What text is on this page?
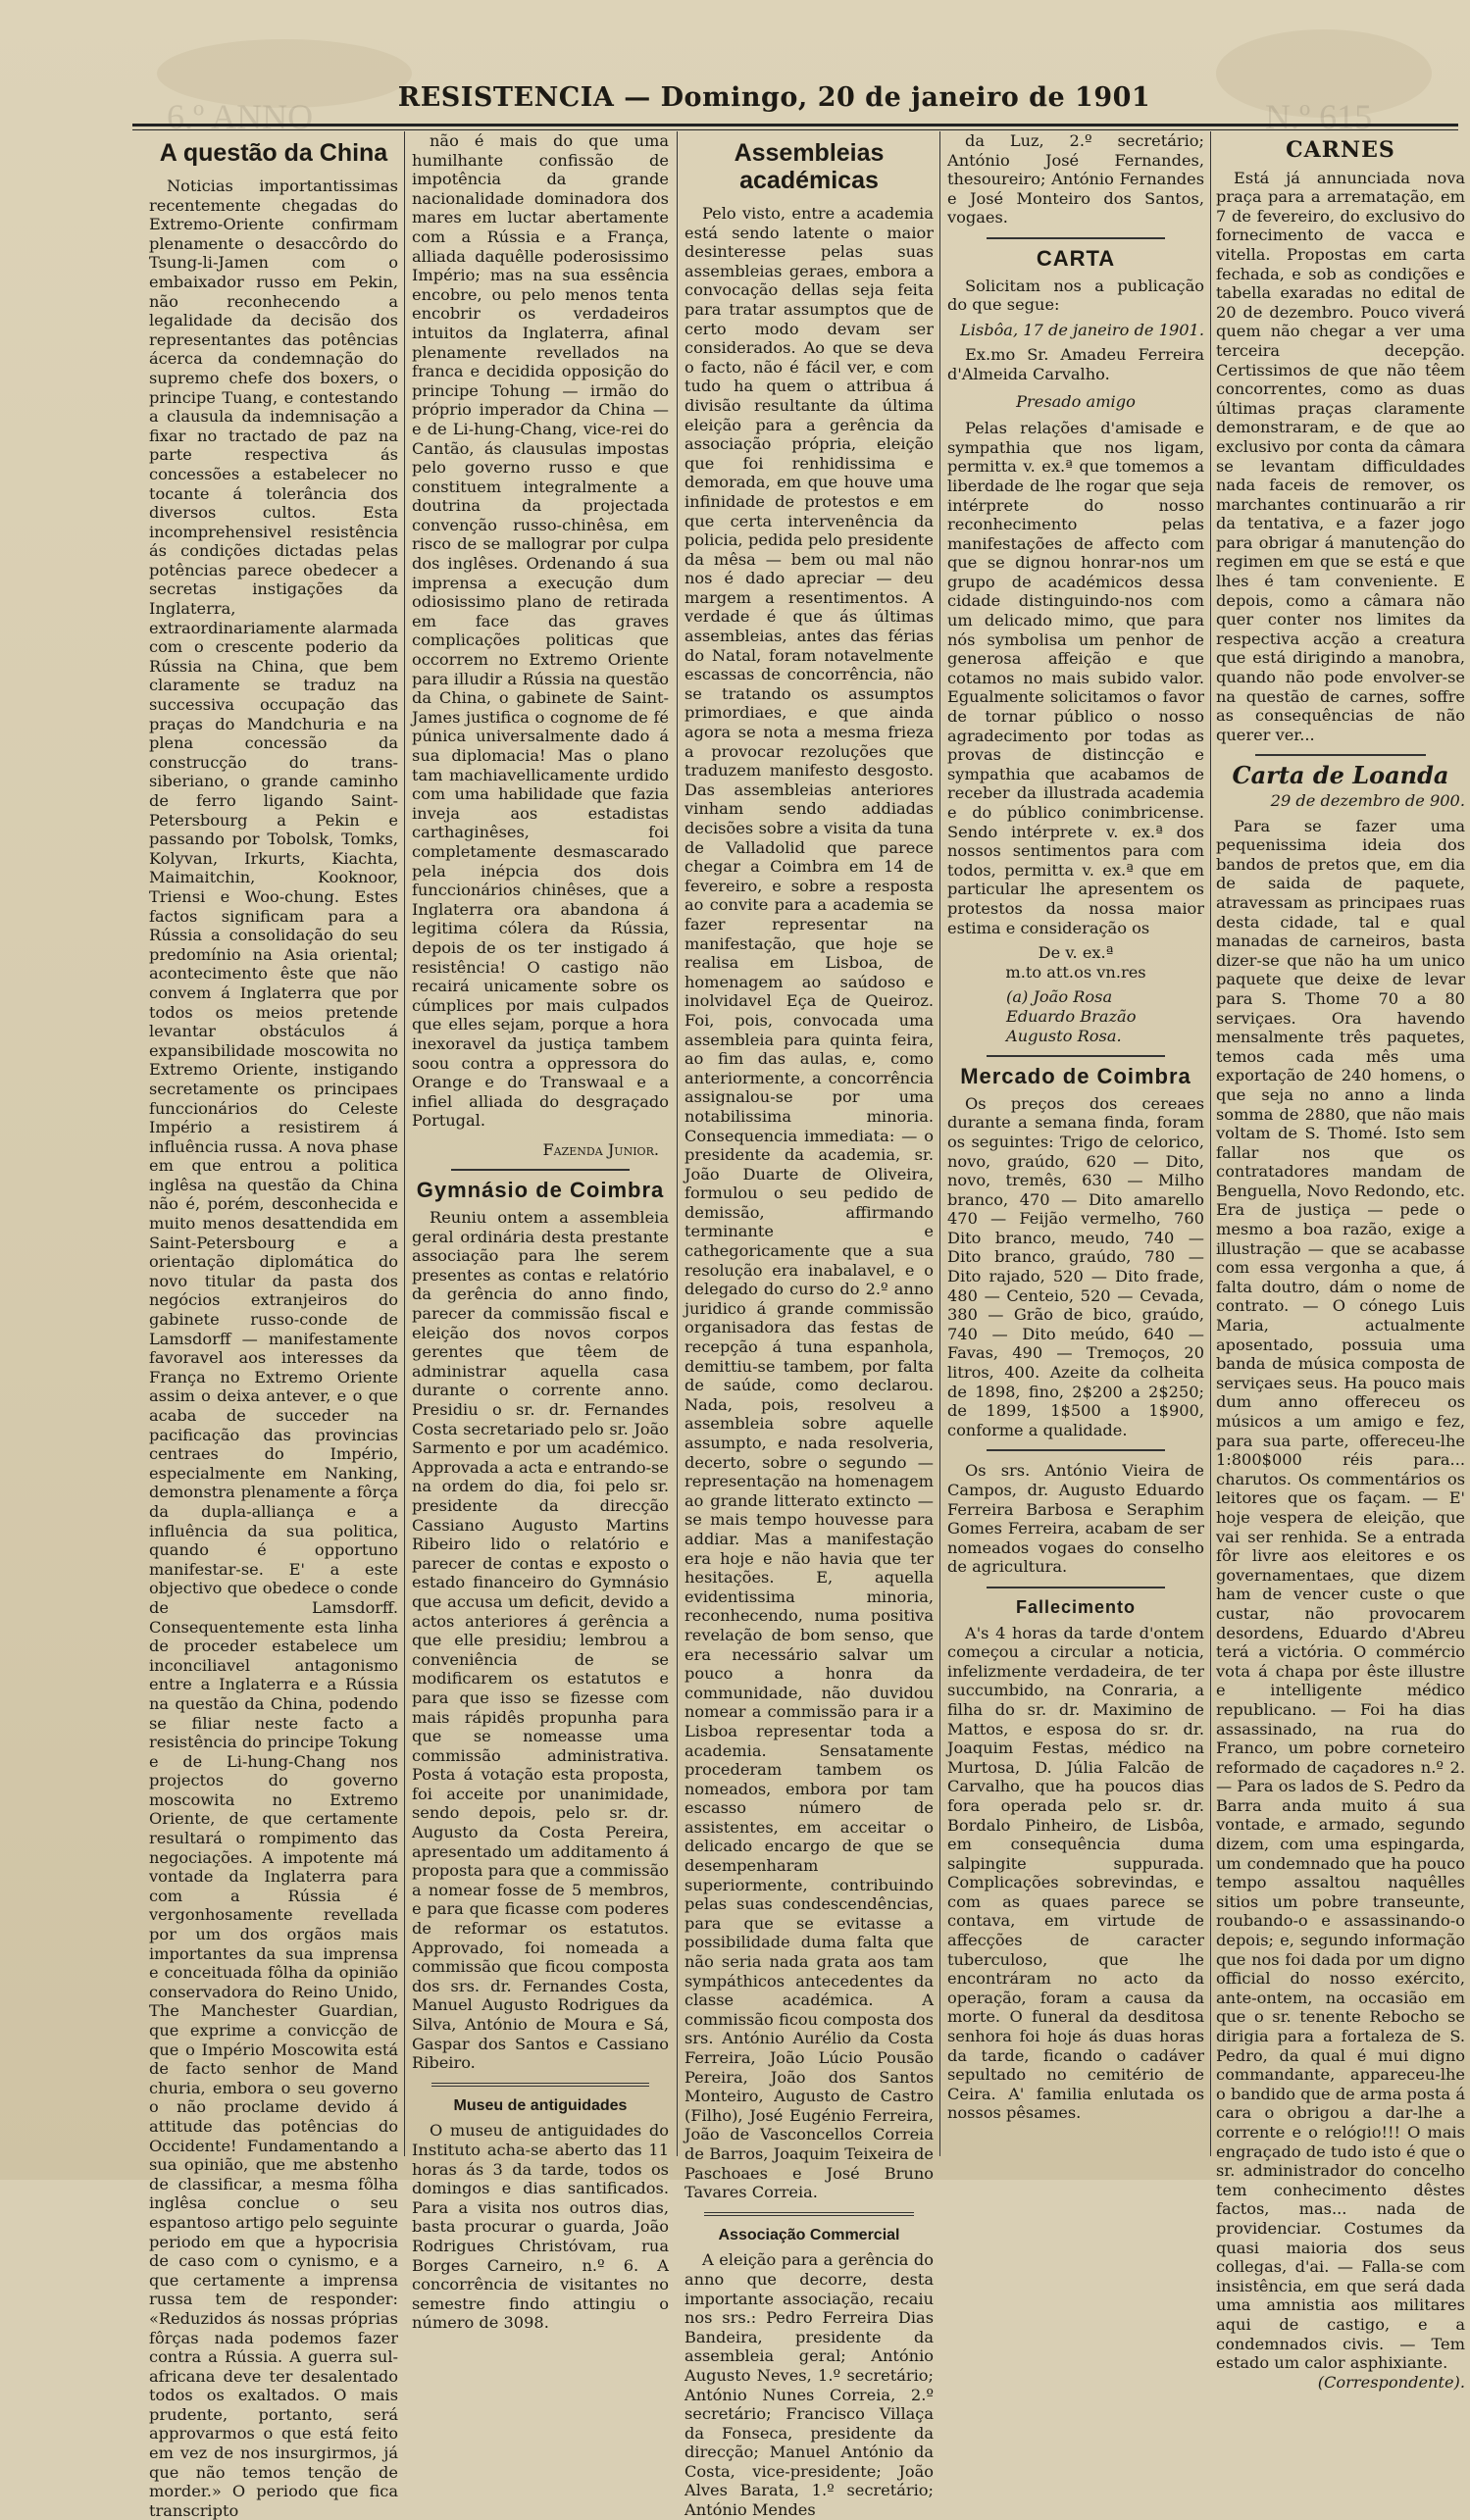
6.º ANNO	N.º 615
RESISTENCIA — Domingo, 20 de janeiro de 1901
A questão da China

Noticias importantissimas recentemente chegadas do Extremo-Oriente confirmam plenamente o desaccôrdo do Tsung-li-Jamen com o embaixador russo em Pekin, não reconhecendo a legalidade da decisão dos representantes das potências ácerca da condemnação do supremo chefe dos boxers, o principe Tuang, e contestando a clausula da indemnisação a fixar no tractado de paz na parte respectiva ás concessões a estabelecer no tocante á tolerância dos diversos cultos. Esta incomprehensivel resistência ás condições dictadas pelas potências parece obedecer a secretas instigações da Inglaterra, extraordinariamente alarmada com o crescente poderio da Rússia na China, que bem claramente se traduz na successiva occupação das praças do Mandchuria e na plena concessão da construcção do trans-siberiano, o grande caminho de ferro ligando Saint-Petersbourg a Pekin e passando por Tobolsk, Tomks, Kolyvan, Irkurts, Kiachta, Maimaitchin, Kooknoor, Triensi e Woo-chung. Estes factos significam para a Rússia a consolidação do seu predomínio na Asia oriental; acontecimento êste que não convem á Inglaterra que por todos os meios pretende levantar obstáculos á expansibilidade moscowita no Extremo Oriente, instigando secretamente os principaes funccionários do Celeste Império a resistirem á influência russa. A nova phase em que entrou a politica inglêsa na questão da China não é, porém, desconhecida e muito menos desattendida em Saint-Petersbourg e a orientação diplomática do novo titular da pasta dos negócios extranjeiros do gabinete russo-conde de Lamsdorff — manifestamente favoravel aos interesses da França no Extremo Oriente assim o deixa antever, e o que acaba de succeder na pacificação das provincias centraes do Império, especialmente em Nanking, demonstra plenamente a fôrça da dupla-alliança e a influência da sua politica, quando é opportuno manifestar-se. E' a este objectivo que obedece o conde de Lamsdorff. Consequentemente esta linha de proceder estabelece um inconciliavel antagonismo entre a Inglaterra e a Rússia na questão da China, podendo se filiar neste facto a resistência do principe Tokung e de Li-hung-Chang nos projectos do governo moscowita no Extremo Oriente, de que certamente resultará o rompimento das negociações. A impotente má vontade da Inglaterra para com a Rússia é vergonhosamente revellada por um dos orgãos mais importantes da sua imprensa e conceituada fôlha da opinião conservadora do Reino Unido, The Manchester Guardian, que exprime a convicção de que o Império Moscowita está de facto senhor de Mand churia, embora o seu governo o não proclame devido á attitude das potências do Occidente! Fundamentando a sua opinião, que me abstenho de classificar, a mesma fôlha inglêsa conclue o seu espantoso artigo pelo seguinte periodo em que a hypocrisia de caso com o cynismo, e a que certamente a imprensa russa tem de responder: «Reduzidos ás nossas próprias fôrças nada podemos fazer contra a Rússia. A guerra sul-africana deve ter desalentado todos os exaltados. O mais prudente, portanto, será approvarmos o que está feito em vez de nos insurgirmos, já que não temos tenção de morder.» O periodo que fica transcripto

não é mais do que uma humilhante confissão de impotência da grande nacionalidade dominadora dos mares em luctar abertamente com a Rússia e a França, alliada daquêlle poderosissimo Império; mas na sua essência encobre, ou pelo menos tenta encobrir os verdadeiros intuitos da Inglaterra, afinal plenamente revellados na franca e decidida opposição do principe Tohung — irmão do próprio imperador da China — e de Li-hung-Chang, vice-rei do Cantão, ás clausulas impostas pelo governo russo e que constituem integralmente a doutrina da projectada convenção russo-chinêsa, em risco de se mallograr por culpa dos inglêses. Ordenando á sua imprensa a execução dum odiosissimo plano de retirada em face das graves complicações politicas que occorrem no Extremo Oriente para illudir a Rússia na questão da China, o gabinete de Saint-James justifica o cognome de fé púnica universalmente dado á sua diplomacia! Mas o plano tam machiavellicamente urdido com uma habilidade que fazia inveja aos estadistas carthaginêses, foi completamente desmascarado pela inépcia dos dois funccionários chinêses, que a Inglaterra ora abandona á legitima cólera da Rússia, depois de os ter instigado á resistência! O castigo não recairá unicamente sobre os cúmplices por mais culpados que elles sejam, porque a hora inexoravel da justiça tambem soou contra a oppressora do Orange e do Transwaal e a infiel alliada do desgraçado Portugal.

Fazenda Junior.

Gymnásio de Coimbra

Reuniu ontem a assembleia geral ordinária desta prestante associação para lhe serem presentes as contas e relatório da gerência do anno findo, parecer da commissão fiscal e eleição dos novos corpos gerentes que têem de administrar aquella casa durante o corrente anno. Presidiu o sr. dr. Fernandes Costa secretariado pelo sr. João Sarmento e por um académico. Approvada a acta e entrando-se na ordem do dia, foi pelo sr. presidente da direcção Cassiano Augusto Martins Ribeiro lido o relatório e parecer de contas e exposto o estado financeiro do Gymnásio que accusa um deficit, devido a actos anteriores á gerência a que elle presidiu; lembrou a conveniência de se modificarem os estatutos e para que isso se fizesse com mais rápidês propunha para que se nomeasse uma commissão administrativa. Posta á votação esta proposta, foi acceite por unanimidade, sendo depois, pelo sr. dr. Augusto da Costa Pereira, apresentado um additamento á proposta para que a commissão a nomear fosse de 5 membros, e para que ficasse com poderes de reformar os estatutos. Approvado, foi nomeada a commissão que ficou composta dos srs. dr. Fernandes Costa, Manuel Augusto Rodrigues da Silva, António de Moura e Sá, Gaspar dos Santos e Cassiano Ribeiro.

Museu de antiguidades

O museu de antiguidades do Instituto acha-se aberto das 11 horas ás 3 da tarde, todos os domingos e dias santificados. Para a visita nos outros dias, basta procurar o guarda, João Rodrigues Christóvam, rua Borges Carneiro, n.º 6. A concorrência de visitantes no semestre findo attingiu o número de 3098.

Assembleias académicas

Pelo visto, entre a academia está sendo latente o maior desinteresse pelas suas assembleias geraes, embora a convocação dellas seja feita para tratar assumptos que de certo modo devam ser considerados. Ao que se deva o facto, não é fácil ver, e com tudo ha quem o attribua á divisão resultante da última eleição para a gerência da associação própria, eleição que foi renhidissima e demorada, em que houve uma infinidade de protestos e em que certa intervenência da policia, pedida pelo presidente da mêsa — bem ou mal não nos é dado apreciar — deu margem a resentimentos. A verdade é que ás últimas assembleias, antes das férias do Natal, foram notavelmente escassas de concorrência, não se tratando os assumptos primordiaes, e que ainda agora se nota a mesma frieza a provocar rezoluções que traduzem manifesto desgosto. Das assembleias anteriores vinham sendo addiadas decisões sobre a visita da tuna de Valladolid que parece chegar a Coimbra em 14 de fevereiro, e sobre a resposta ao convite para a academia se fazer representar na manifestação, que hoje se realisa em Lisboa, de homenagem ao saúdoso e inolvidavel Eça de Queiroz. Foi, pois, convocada uma assembleia para quinta feira, ao fim das aulas, e, como anteriormente, a concorrência assignalou-se por uma notabilissima minoria. Consequencia immediata: — o presidente da academia, sr. João Duarte de Oliveira, formulou o seu pedido de demissão, affirmando terminante e cathegoricamente que a sua resolução era inabalavel, e o delegado do curso do 2.º anno juridico á grande commissão organisadora das festas de recepção á tuna espanhola, demittiu-se tambem, por falta de saúde, como declarou. Nada, pois, resolveu a assembleia sobre aquelle assumpto, e nada resolveria, decerto, sobre o segundo — representação na homenagem ao grande litterato extincto — se mais tempo houvesse para addiar. Mas a manifestação era hoje e não havia que ter hesitações. E, aquella evidentissima minoria, reconhecendo, numa positiva revelação de bom senso, que era necessário salvar um pouco a honra da communidade, não duvidou nomear a commissão para ir a Lisboa representar toda a academia. Sensatamente procederam tambem os nomeados, embora por tam escasso número de assistentes, em acceitar o delicado encargo de que se desempenharam superiormente, contribuindo pelas suas condescendências, para que se evitasse a possibilidade duma falta que não seria nada grata aos tam sympáthicos antecedentes da classe académica. A commissão ficou composta dos srs. António Aurélio da Costa Ferreira, João Lúcio Pousão Pereira, João dos Santos Monteiro, Augusto de Castro (Filho), José Eugénio Ferreira, João de Vasconcellos Correia de Barros, Joaquim Teixeira de Paschoaes e José Bruno Tavares Correia.

Associação Commercial

A eleição para a gerência do anno que decorre, desta importante associação, recaiu nos srs.: Pedro Ferreira Dias Bandeira, presidente da assembleia geral; António Augusto Neves, 1.º secretário; António Nunes Correia, 2.º secretário; Francisco Villaça da Fonseca, presidente da direcção; Manuel António da Costa, vice-presidente; João Alves Barata, 1.º secretário; António Mendes

da Luz, 2.º secretário; António José Fernandes, thesoureiro; António Fernandes e José Monteiro dos Santos, vogaes.

CARTA

Solicitam nos a publicação do que segue:

Lisbôa, 17 de janeiro de 1901.

Ex.mo Sr. Amadeu Ferreira d'Almeida Carvalho.

Presado amigo

Pelas relações d'amisade e sympathia que nos ligam, permitta v. ex.ª que tomemos a liberdade de lhe rogar que seja intérprete do nosso reconhecimento pelas manifestações de affecto com que se dignou honrar-nos um grupo de académicos dessa cidade distinguindo-nos com um delicado mimo, que para nós symbolisa um penhor de generosa affeição e que cotamos no mais subido valor. Egualmente solicitamos o favor de tornar público o nosso agradecimento por todas as provas de distincção e sympathia que acabamos de receber da illustrada academia e do público conimbricense. Sendo intérprete v. ex.ª dos nossos sentimentos para com todos, permitta v. ex.ª que em particular lhe apresentem os protestos da nossa maior estima e consideração os

De v. ex.ª

m.to att.os vn.res

(a) João Rosa
Eduardo Brazão
Augusto Rosa.

Mercado de Coimbra

Os preços dos cereaes durante a semana finda, foram os seguintes: Trigo de celorico, novo, graúdo, 620 — Dito, novo, tremês, 630 — Milho branco, 470 — Dito amarello 470 — Feijão vermelho, 760 Dito branco, meudo, 740 — Dito branco, graúdo, 780 — Dito rajado, 520 — Dito frade, 480 — Centeio, 520 — Cevada, 380 — Grão de bico, graúdo, 740 — Dito meúdo, 640 — Favas, 490 — Tremoços, 20 litros, 400. Azeite da colheita de 1898, fino, 2$200 a 2$250; de 1899, 1$500 a 1$900, conforme a qualidade.

Os srs. António Vieira de Campos, dr. Augusto Eduardo Ferreira Barbosa e Seraphim Gomes Ferreira, acabam de ser nomeados vogaes do conselho de agricultura.

Fallecimento

A's 4 horas da tarde d'ontem começou a circular a noticia, infelizmente verdadeira, de ter succumbido, na Conraria, a filha do sr. dr. Maximino de Mattos, e esposa do sr. dr. Joaquim Festas, médico na Murtosa, D. Júlia Falcão de Carvalho, que ha poucos dias fora operada pelo sr. dr. Bordalo Pinheiro, de Lisbôa, em consequência duma salpingite suppurada. Complicações sobrevindas, e com as quaes parece se contava, em virtude de affecções de caracter tuberculoso, que lhe encontráram no acto da operação, foram a causa da morte. O funeral da desditosa senhora foi hoje ás duas horas da tarde, ficando o cadáver sepultado no cemitério de Ceira. A' familia enlutada os nossos pêsames.

CARNES

Está já annunciada nova praça para a arrematação, em 7 de fevereiro, do exclusivo do fornecimento de vacca e vitella. Propostas em carta fechada, e sob as condições e tabella exaradas no edital de 20 de dezembro. Pouco viverá quem não chegar a ver uma terceira decepção. Certissimos de que não têem concorrentes, como as duas últimas praças claramente demonstraram, e de que ao exclusivo por conta da câmara se levantam difficuldades nada faceis de remover, os marchantes continuarão a rir da tentativa, e a fazer jogo para obrigar á manutenção do regimen em que se está e que lhes é tam conveniente. E depois, como a câmara não quer conter nos limites da respectiva acção a creatura que está dirigindo a manobra, quando não pode envolver-se na questão de carnes, soffre as consequências de não querer ver...

Carta de Loanda

29 de dezembro de 900.

Para se fazer uma pequenissima ideia dos bandos de pretos que, em dia de saida de paquete, atravessam as principaes ruas desta cidade, tal e qual manadas de carneiros, basta dizer-se que não ha um unico paquete que deixe de levar para S. Thome 70 a 80 serviçaes. Ora havendo mensalmente três paquetes, temos cada mês uma exportação de 240 homens, o que seja no anno a linda somma de 2880, que não mais voltam de S. Thomé. Isto sem fallar nos que os contratadores mandam de Benguella, Novo Redondo, etc. Era de justiça — pede o mesmo a boa razão, exige a illustração — que se acabasse com essa vergonha a que, á falta doutro, dám o nome de contrato. — O cónego Luis Maria, actualmente aposentado, possuia uma banda de música composta de serviçaes seus. Ha pouco mais dum anno offereceu os músicos a um amigo e fez, para sua parte, offereceu-lhe 1:800$000 réis para... charutos. Os commentários os leitores que os façam. — E' hoje vespera de eleição, que vai ser renhida. Se a entrada fôr livre aos eleitores e os governamentaes, que dizem ham de vencer custe o que custar, não provocarem desordens, Eduardo d'Abreu terá a victória. O commércio vota á chapa por êste illustre e intelligente médico republicano. — Foi ha dias assassinado, na rua do Franco, um pobre corneteiro reformado de caçadores n.º 2. — Para os lados de S. Pedro da Barra anda muito á sua vontade, e armado, segundo dizem, com uma espingarda, um condemnado que ha pouco tempo assaltou naquêlles sitios um pobre transeunte, roubando-o e assassinando-o depois; e, segundo informação que nos foi dada por um digno official do nosso exército, ante-ontem, na occasião em que o sr. tenente Rebocho se dirigia para a fortaleza de S. Pedro, da qual é mui digno commandante, appareceu-lhe o bandido que de arma posta á cara o obrigou a dar-lhe a corrente e o relógio!!! O mais engraçado de tudo isto é que o sr. administrador do concelho tem conhecimento dêstes factos, mas... nada de providenciar. Costumes da quasi maioria dos seus collegas, d'ai. — Falla-se com insistência, em que será dada uma amnistia aos militares aqui de castigo, e a condemnados civis. — Tem estado um calor asphixiante.

(Correspondente).
